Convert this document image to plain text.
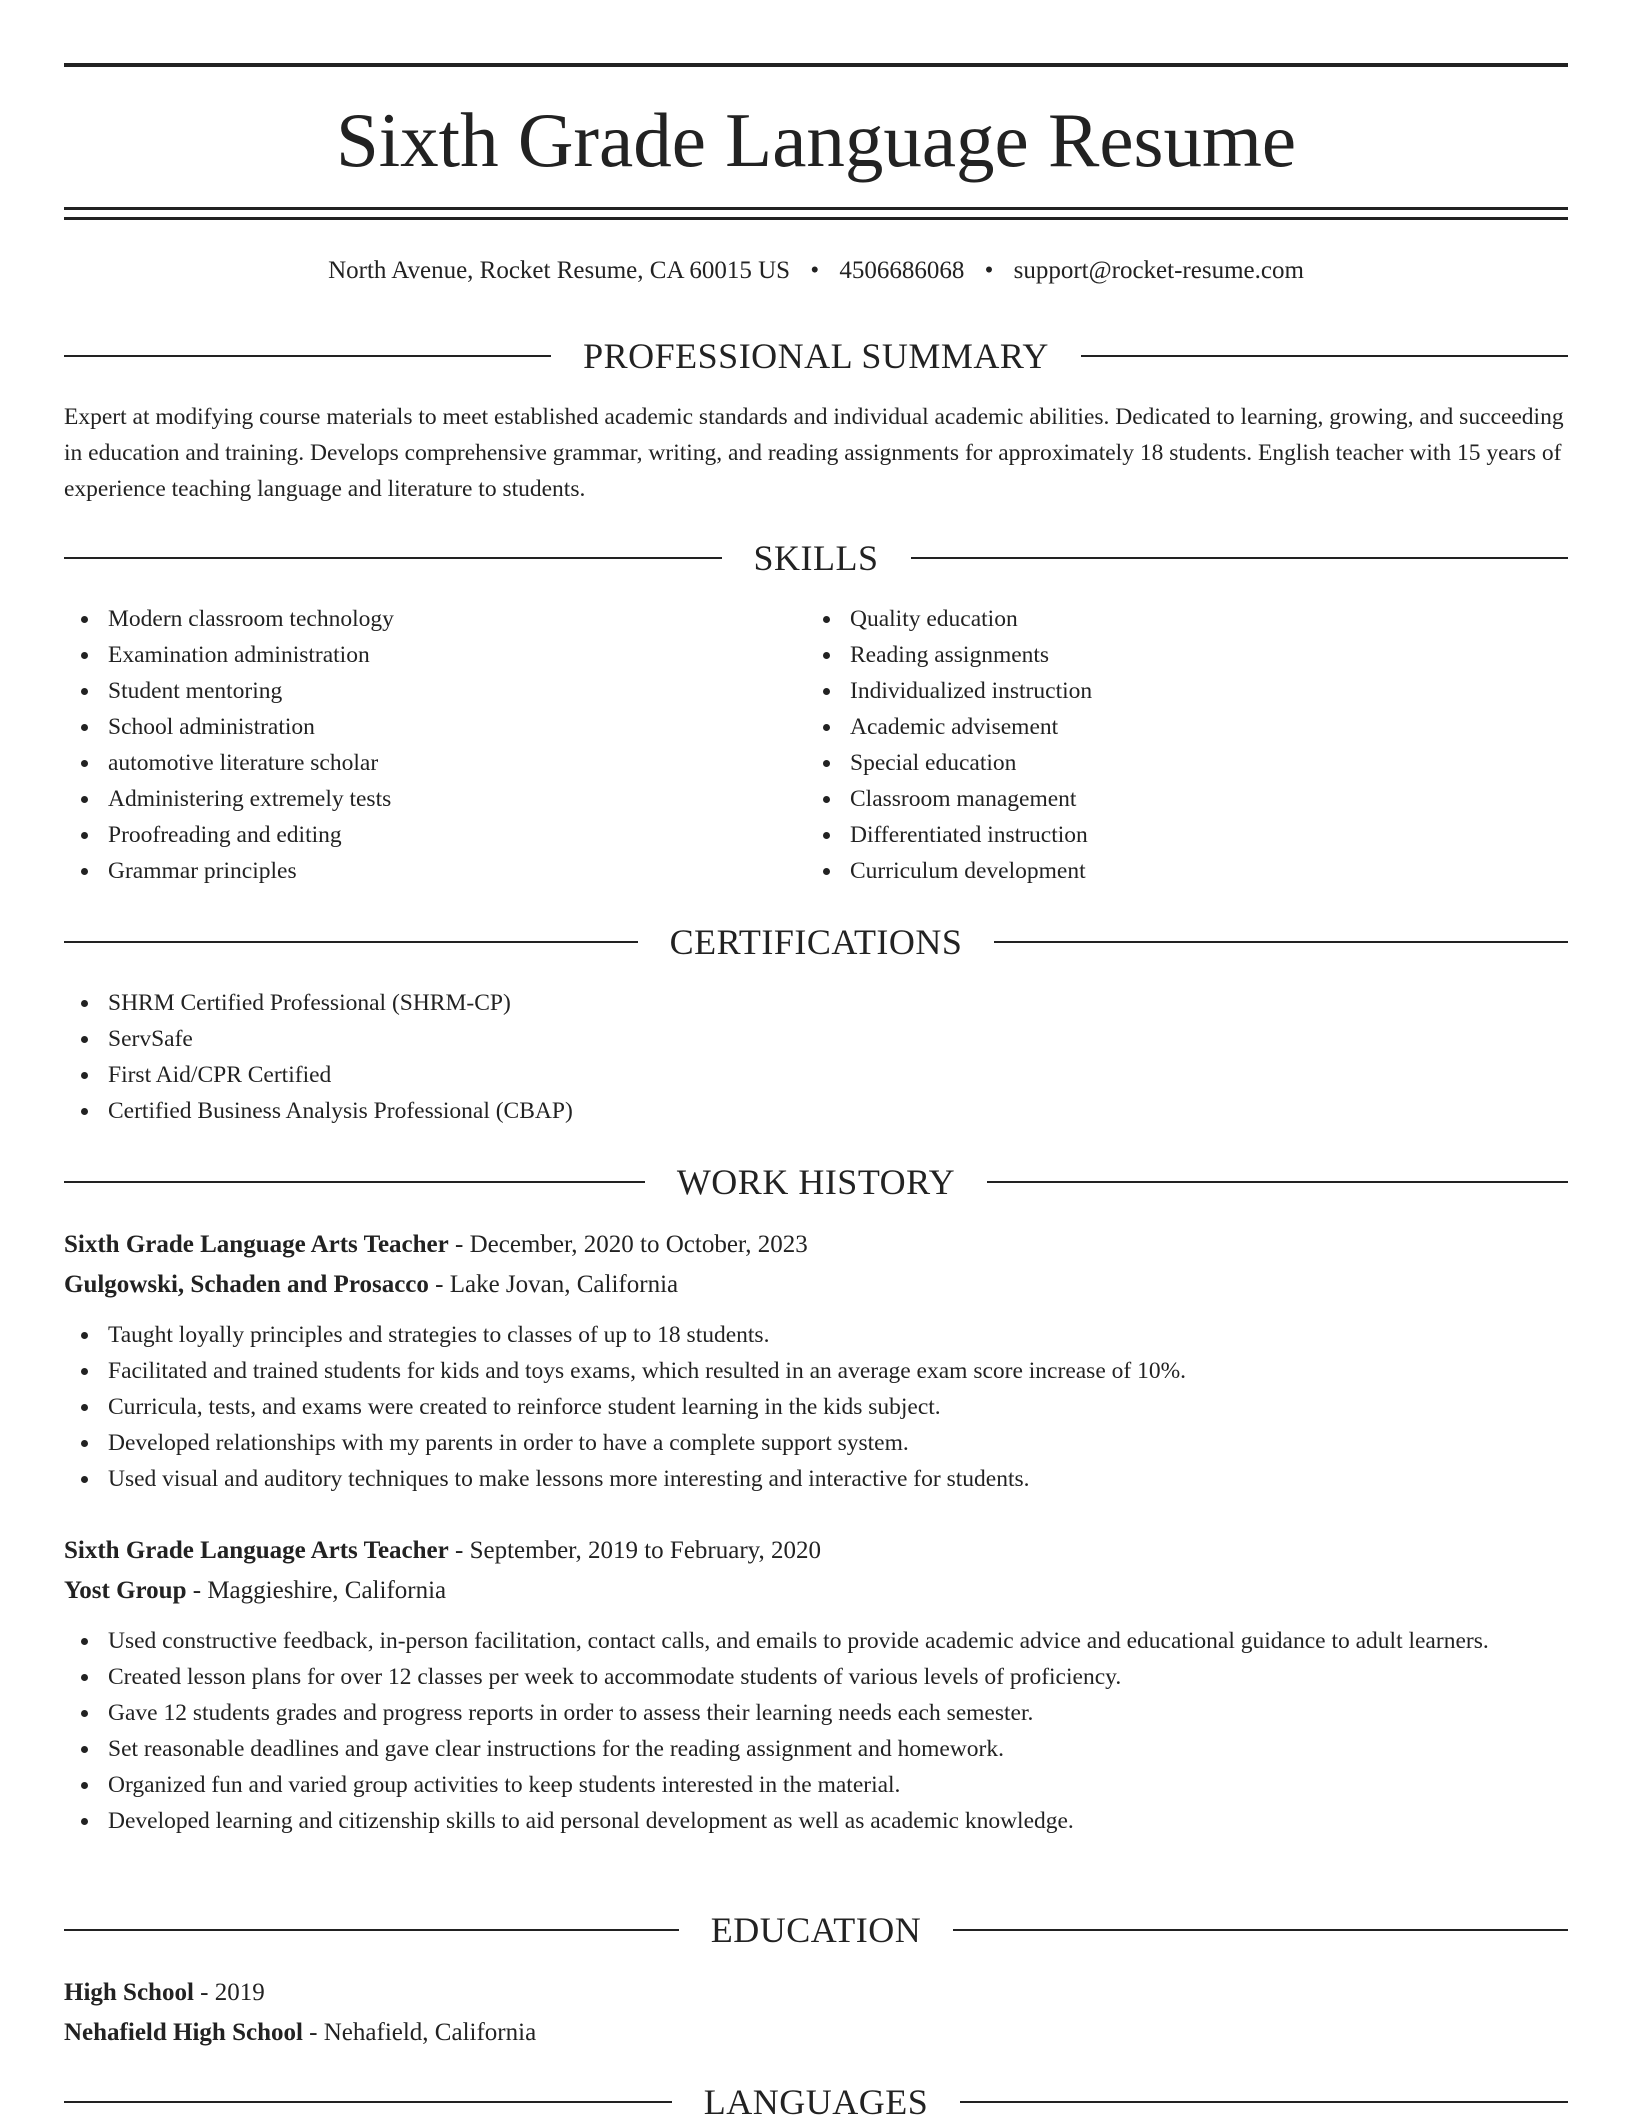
Sixth Grade Language Resume
North Avenue, Rocket Resume, CA 60015 US • 4506686068 • support@rocket-resume.com
PROFESSIONAL SUMMARY

Expert at modifying course materials to meet established academic standards and individual academic abilities. Dedicated to learning, growing, and succeeding in education and training. Develops comprehensive grammar, writing, and reading assignments for approximately 18 students. English teacher with 15 years of experience teaching language and literature to students.

SKILLS
Modern classroom technology
Examination administration
Student mentoring
School administration
automotive literature scholar
Administering extremely tests
Proofreading and editing
Grammar principles
Quality education
Reading assignments
Individualized instruction
Academic advisement
Special education
Classroom management
Differentiated instruction
Curriculum development
CERTIFICATIONS
SHRM Certified Professional (SHRM-CP)
ServSafe
First Aid/CPR Certified
Certified Business Analysis Professional (CBAP)
WORK HISTORY
Sixth Grade Language Arts Teacher - December, 2020 to October, 2023
Gulgowski, Schaden and Prosacco - Lake Jovan, California
Taught loyally principles and strategies to classes of up to 18 students.
Facilitated and trained students for kids and toys exams, which resulted in an average exam score increase of 10%.
Curricula, tests, and exams were created to reinforce student learning in the kids subject.
Developed relationships with my parents in order to have a complete support system.
Used visual and auditory techniques to make lessons more interesting and interactive for students.
Sixth Grade Language Arts Teacher - September, 2019 to February, 2020
Yost Group - Maggieshire, California
Used constructive feedback, in-person facilitation, contact calls, and emails to provide academic advice and educational guidance to adult learners.
Created lesson plans for over 12 classes per week to accommodate students of various levels of proficiency.
Gave 12 students grades and progress reports in order to assess their learning needs each semester.
Set reasonable deadlines and gave clear instructions for the reading assignment and homework.
Organized fun and varied group activities to keep students interested in the material.
Developed learning and citizenship skills to aid personal development as well as academic knowledge.
EDUCATION
High School - 2019
Nehafield High School - Nehafield, California
LANGUAGES
